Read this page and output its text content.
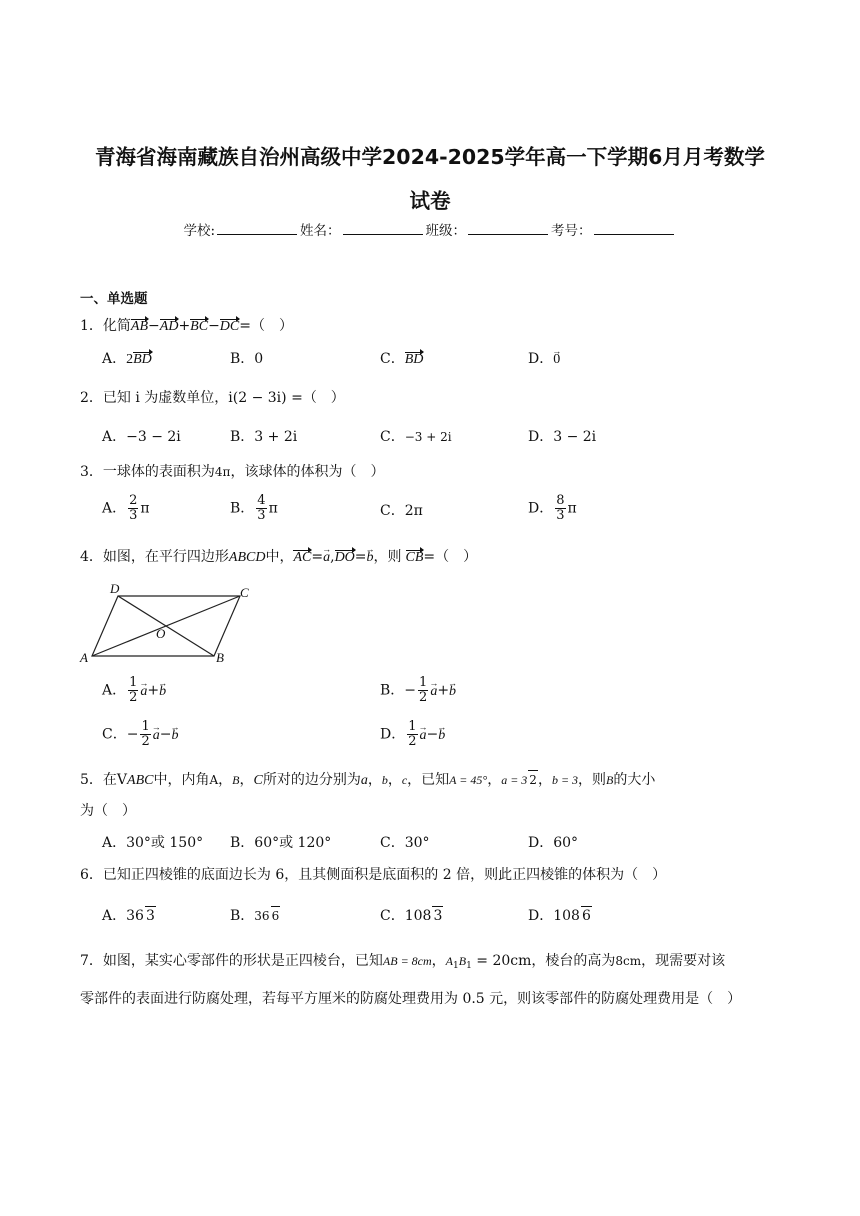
青海省海南藏族自治州高级中学2024-2025学年高一下学期6月月考数学
试卷
学校:	姓名：	班级：	考号：
一、单选题
1．化简AB−AD+BC−DC=（　）
A．2BD	B．0	C．BD	D．0 →
2．已知 i 为虚数单位，i(2 − 3i) =（　）
A．−3 − 2i	B．3 + 2i	C．−3 + 2i	D．3 − 2i
3．一球体的表面积为4π，该球体的体积为（　）
A． $\frac{2}{3}$ π	B． $\frac{4}{3}$ π	C．2π	D． $\frac{8}{3}$ π
4．如图，在平行四边形ABCD中，AC=a →,DO=b →，则 CB=（　）
D	C
A	B
O
A． $\frac{1}{2}$ a →+b →	B．− $\frac{1}{2}$ a →+b →
C．− $\frac{1}{2}$ a →−b →	D． $\frac{1}{2}$ a →−b →
5．在VABC中，内角A，B，C所对的边分别为a，b，c，已知A = 45°，a = 3 2，b = 3，则B的大小
为（　）
A．30°或 150° B．60°或 120°	C．30°	D．60°
6．已知正四棱锥的底面边长为 6，且其侧面积是底面积的 2 倍，则此正四棱锥的体积为（　）
A．36 3	B．36 6	C．108 3	D．108 6
7．如图，某实心零部件的形状是正四棱台，已知AB = 8cm，$A_1B_1 = 20cm$，棱台的高为8cm，现需要对该
零部件的表面进行防腐处理，若每平方厘米的防腐处理费用为 0.5 元，则该零部件的防腐处理费用是（　）
